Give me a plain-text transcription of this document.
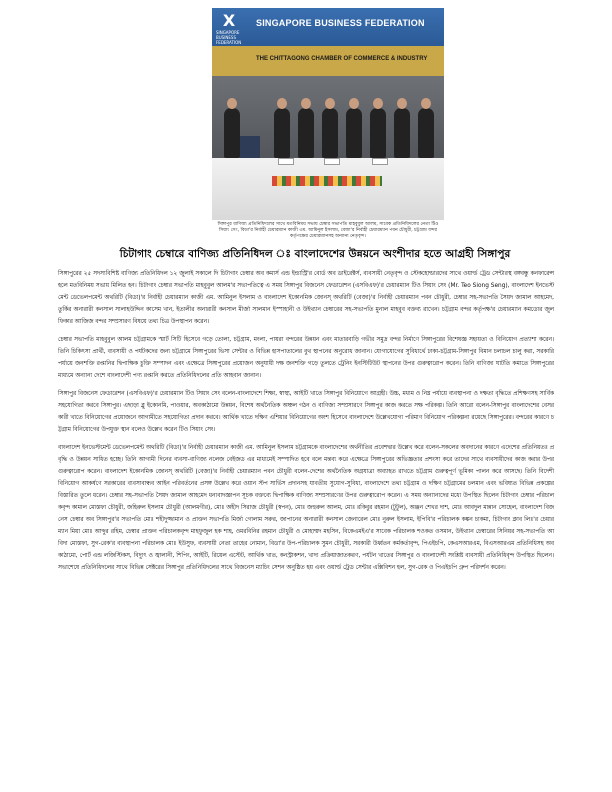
X
SINGAPORE BUSINESS FEDERATION
SINGAPORE BUSINESS FEDERATION
THE CHITTAGONG CHAMBER OF COMMERCE & INDUSTRY
সিঙ্গাপুর বাণিজ্য প্রতিনিধিদলের সাথে মতবিনিময় সভায় চেম্বার সভাপতি মাহবুবুল আলম, সাবেক প্রতিনিধিদলের নেতা টিও সিয়াং সেং, বিডা'র নির্বাহী চেয়ারম্যান কাজী এম. আমিনুল ইসলাম, বেজা'র নির্বাহী চেয়ারম্যান পবন চৌধুরী, চট্টগ্রাম বন্দর কর্তৃপক্ষের চেয়ারম্যানসহ অন্যান্য নেতৃবৃন্দ।
চিটাগাং চেম্বারে বাণিজ্য প্রতিনিধিদল ঃ বাংলাদেশের উন্নয়নে অংশীদার হতে আগ্রহী সিঙ্গাপুর

সিঙ্গাপুরের ২৫ সদস্যবিশিষ্ট বাণিজ্য প্রতিনিধিদল ১২ জুলাই সকালে দি চিটাগাং চেম্বার অব কমার্স এন্ড ইন্ডাস্ট্রি'র বোর্ড অব ডাইরেক্টর্স, ব্যবসায়ী নেতৃবৃন্দ ও স্টেকহোল্ডারদের সাথে ওয়ার্ল্ড ট্রেড সেন্টারস্থ বঙ্গবন্ধু কনফারেন্স হলে মতবিনিময় সভায় মিলিত হন। চিটাগাং চেম্বার সভাপতি মাহবুবুল আলম'র সভাপতিত্বে এ সময় সিঙ্গাপুর বিজনেস ফেডারেশন (এসবিএফ)'র চেয়ারম্যান টিও সিয়াং সেং (Mr. Teo Siong Seng), বাংলাদেশ ইনভেস্টমেন্ট ডেভেলপমেন্ট অথরিটি (বিডা)'র নির্বাহী চেয়ারম্যান কাজী এম. আমিনুল ইসলাম ও বাংলাদেশ ইকোনমিক জোনস্ অথরিটি (বেজা)'র নির্বাহী চেয়ারম্যান পবন চৌধুরী, চেম্বার সহ-সভাপতি সৈয়দ জামাল আহমেদ, তুর্কির অনারারী কনসাল সালাহউদ্দিন কাসেম খান, ইতালীর অনারারী কনসাল মীর্জা সালমান ইস্পাহানী ও উইথ্যান চেম্বারের সহ-সভাপতি মুনাল মাহবুব বক্তব্য রাখেন। চট্টগ্রাম বন্দর কর্তৃপক্ষ'র চেয়ারম্যান কমডোর জুলফিকার আজিজ বন্দর সম্প্রসারণ বিষয়ে তথ্য চিত্র উপস্থাপন করেন।

চেম্বার সভাপতি মাহবুবুল আলম চট্টগ্রামকে স্মার্ট সিটি হিসেবে গড়ে তোলা, চট্টগ্রাম, মংলা, পায়রা বন্দরের উন্নয়ন এবং মাতারবাড়ি গভীর সমুদ্র বন্দর নির্মাণে সিঙ্গাপুরের বিশেষজ্ঞ সহায়তা ও বিনিয়োগ প্রত্যাশা করেন। তিনি চিকিৎসা প্রার্থী, ব্যবসায়ী ও পর্যটকদের জন্য চট্টগ্রামে সিঙ্গাপুরের ভিসা সেন্টার ও বিভিন্ন হাসপাতালের বুথ স্থাপনের অনুরোধ জানান। যোগাযোগের সুবিধার্থে ঢাকা-চট্টগ্রাম-সিঙ্গাপুর বিমান চলাচল চালু করা, সরকারি পর্যায়ে জনশক্তি রপ্তানির দ্বিপাক্ষিক চুক্তি সম্পাদন এবং এক্ষেত্রে সিঙ্গাপুরের প্রয়োজন অনুযায়ী দক্ষ জনশক্তি গড়ে তুলতে ট্রেনিং ইনস্টিটিউট স্থাপনের উপর গুরুত্বারোপ করেন। তিনি বাণিজ্য ঘাটতি কমাতে সিঙ্গাপুরের মাধ্যমে অন্যান্য দেশে বাংলাদেশী পণ্য রপ্তানি করতে প্রতিনিধিদলের প্রতি আহবান জানান।

সিঙ্গাপুর বিজনেস ফেডারেশন (এসবিএফ)'র চেয়ারম্যান টিও সিয়াং সেং বলেন-বাংলাদেশে শিক্ষা, স্বাস্থ্য, আইটি খাতে সিঙ্গাপুর বিনিয়োগে আগ্রহী। উচ্চ, মধ্যম ও নিম্ন পর্যায়ে ব্যবস্থাপনা ও দক্ষতা বৃদ্ধিতে প্রশিক্ষণসহ সার্বিক সহযোগিতা করবে সিঙ্গাপুর। এছাড়া ব্লু ইকোনমি, পাওয়ার, অবকাঠামো উন্নয়ন, বিশেষ অর্থনৈতিক অঞ্চল গঠন ও বাণিজ্য সম্প্রসারণে সিঙ্গাপুর কাজ করতে সক্ষ পরিকল্প। তিনি আরো বলেন-সিঙ্গাপুর বাংলাদেশের বেসরকারী খাতে বিনিয়োগের প্রয়োজনে আগামীতে সহযোগিতা প্রদান করবে। আর্থিক খাতে দক্ষিণ এশিয়ার বিনিয়োগের অংশ হিসেবে বাংলাদেশে উল্লেখযোগ্য পরিমাণ বিনিয়োগ পরিকল্পনা রয়েছে সিঙ্গাপুরের। বন্দরের কারণে চট্টগ্রাম বিনিয়োগের উপযুক্ত স্থান বলেও উল্লেখ করেন টিও সিয়াং সেং।

বাংলাদেশ ইনভেস্টমেন্ট ডেভেলপমেন্ট অথরিটি (বিডা)'র নির্বাহী চেয়ারম্যান কাজী এম. আমিনুল ইসলাম চট্টগ্রামকে বাংলাদেশের অর্থনীতির প্রবেশদ্বার উল্লেখ করে বলেন-সকলের অবদানের কারণে এদেশের প্রতিনিয়তঃ প্রবৃদ্ধি ও উন্নয়ন সাধিত হচ্ছে। তিনি আগামী দিনের ব্যবসা-বাণিজ্য নলেজ বেইজড এর মাধ্যমেই সম্পাদিত হবে বলে মন্তব্য করে এক্ষেত্রে সিঙ্গাপুরের অভিজ্ঞতার প্রশংসা করে তাদের সাথে ব্যবসায়ীদের কাজ করার উপর গুরুত্বারোপ করেন। বাংলাদেশ ইকোনমিক জোনস্ অথরিটি (বেজা)'র নির্বাহী চেয়ারম্যান পবন চৌধুরী বলেন-দেশের অর্থনৈতিক অগ্রযাত্রা অব্যাহত রাখতে চট্টগ্রাম গুরুত্বপূর্ণ ভূমিকা পালন করে আসছে। তিনি বিদেশী বিনিয়োগ আকর্ষণে সরকারের ব্যবসাবান্ধব আইন পরিবর্তনের প্রসঙ্গ উল্লেখ করে ওয়ান স্টপ সার্ভিস প্রদানসহ যাবতীয় সুযোগ-সুবিধা, বাংলাদেশে তথ্য চট্টগ্রাম ও দক্ষিণ চট্টগ্রামের চলমান এবং ভবিষ্যত বিভিন্ন প্রকল্পের বিস্তারিত তুলে ধরেন। চেম্বার সহ-সভাপতি সৈয়দ জামাল আহমেদ ধন্যবাদজ্ঞাপন সূচক বক্তব্যে দ্বিপাক্ষিক বাণিজ্য সম্প্রসারণের উপর গুরুত্বারোপ করেন। এ সময় অন্যান্যদের মধ্যে উপস্থিত ছিলেন চিটাগাং চেম্বার পরিচালকবৃন্দ কামাল মোস্তফা চৌধুরী, জহিরুল ইসলাম চৌধুরী (আলমগীর), মোঃ অহীদ সিরাজ চৌধুরী (স্বপন), মোঃ জহুরুল আলম, মোঃ রকিবুর রহমান (টুটুল), অঞ্জন শেখর দাশ, মোঃ আবদুল মান্নান সোহেল, বাংলাদেশ বিজনেস চেম্বার অব সিঙ্গাপুর'র সভাপতি মোঃ শহীদুজ্জামান ও প্রাক্তন সভাপতি মির্জা গোলাম সরুর, জাপানের অনারারী কনসাল জেনারেল মোঃ নুরুল ইসলাম, ইপিবি'র পরিচালক কঙ্কন চাকমা, চিটাগাং ক্লাব লিঃ'র চেয়ারম্যান মিয়া মোঃ আব্দুর রহিম, চেম্বার প্রাক্তন পরিচালকবৃন্দ মাহফুজুল হক শাহ, ওমরবিনির রহমান চৌধুরী ও মোহাম্মদ মহসিন, বিকেএমইএ'র সাবেক পরিচালক শওকত ওসমান, উইথ্যান চেম্বারের সিনিয়র সহ-সভাপতি আবিদা মোস্তফা, সুগ-রেক'র ব্যবস্থাপনা পরিচালক মোঃ ইউসুফ, ব্যবসায়ী নেতা তাহের নোমান, বিডা'র উপ-পরিচালক সুমন চৌধুরী, সরকারী উর্ধ্বতন কর্মকর্তাবৃন্দ, পিএইচপি, কেএসআরএম, বিএসআরএম প্রতিনিধিসহ অবকাঠামো, পোর্ট এন্ড লজিস্টিকস, বিদ্যুৎ ও জ্বালানী, শিপিং, আইটি, রিয়েল এস্টেট, আর্থিক খাত, কনস্ট্রাকশন, খাদ্য প্রক্রিয়াজাতকরণ, পর্যটন খাতের সিঙ্গাপুর ও বাংলাদেশী সংশ্লিষ্ট ব্যবসায়ী প্রতিনিধিবৃন্দ উপস্থিত ছিলেন। সভাশেষে প্রতিনিধিদলের সাথে বিভিন্ন সেক্টরের সিঙ্গাপুর প্রতিনিধিদলের সাথে বিজনেস ম্যাচিং সেশন অনুষ্ঠিত হয় এবং ওয়ার্ল্ড ট্রেড সেন্টার এক্সিবিশন হল, সুগ-রেক ও পিএইচপি গ্রুপ পরিদর্শন করেন।
